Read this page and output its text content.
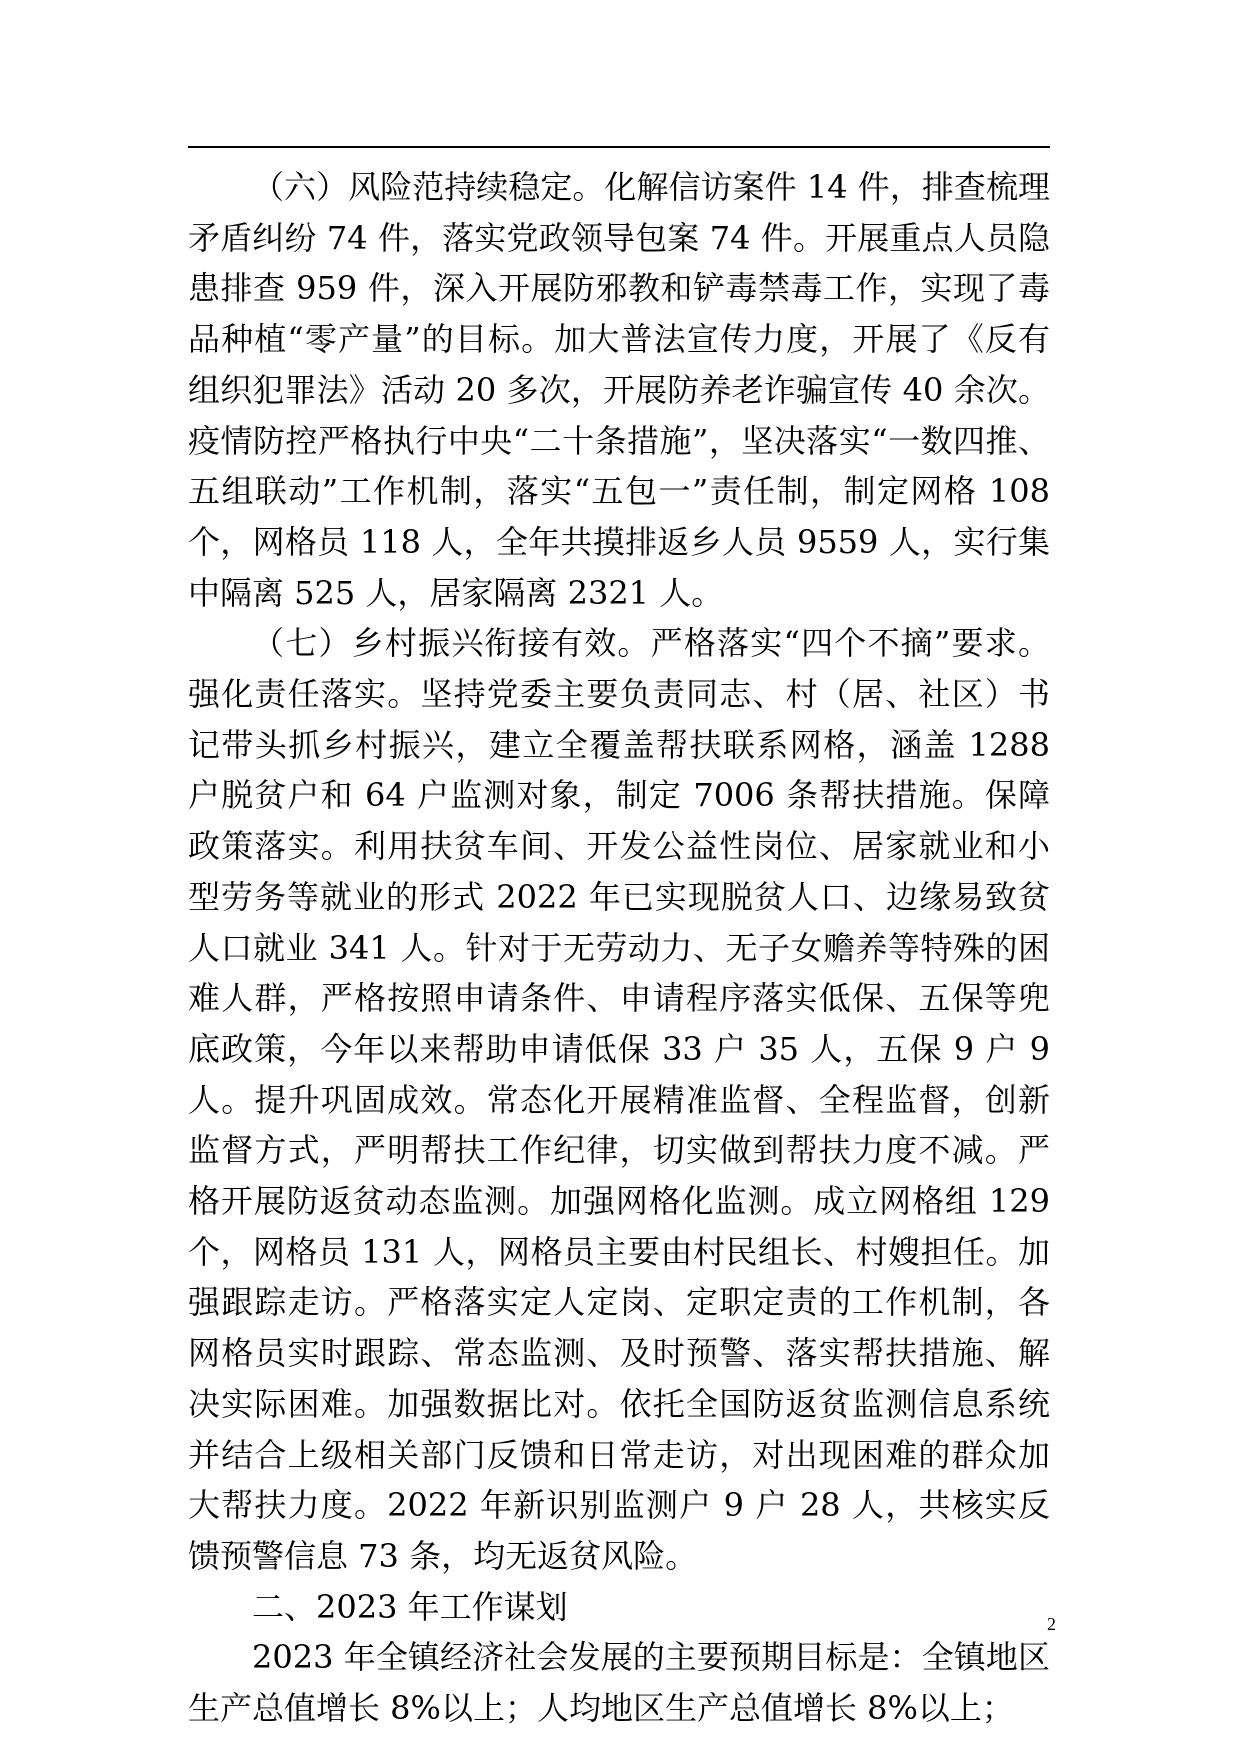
（六）风险范持续稳定。化解信访案件 14 件，排查梳理矛盾纠纷 74 件，落实党政领导包案 74 件。开展重点人员隐患排查 959 件，深入开展防邪教和铲毒禁毒工作，实现了毒品种植“零产量”的目标。加大普法宣传力度，开展了《反有组织犯罪法》活动 20 多次，开展防养老诈骗宣传 40 余次。疫情防控严格执行中央“二十条措施”，坚决落实“一数四推、五组联动”工作机制，落实“五包一”责任制，制定网格 108 个，网格员 118 人，全年共摸排返乡人员 9559 人，实行集中隔离 525 人，居家隔离 2321 人。

（七）乡村振兴衔接有效。严格落实“四个不摘”要求。强化责任落实。坚持党委主要负责同志、村（居、社区）书记带头抓乡村振兴，建立全覆盖帮扶联系网格，涵盖 1288 户脱贫户和 64 户监测对象，制定 7006 条帮扶措施。保障政策落实。利用扶贫车间、开发公益性岗位、居家就业和小型劳务等就业的形式 2022 年已实现脱贫人口、边缘易致贫人口就业 341 人。针对于无劳动力、无子女赡养等特殊的困难人群，严格按照申请条件、申请程序落实低保、五保等兜底政策，今年以来帮助申请低保 33 户 35 人，五保 9 户 9 人。提升巩固成效。常态化开展精准监督、全程监督，创新监督方式，严明帮扶工作纪律，切实做到帮扶力度不减。严格开展防返贫动态监测。加强网格化监测。成立网格组 129 个，网格员 131 人，网格员主要由村民组长、村嫂担任。加强跟踪走访。严格落实定人定岗、定职定责的工作机制，各网格员实时跟踪、常态监测、及时预警、落实帮扶措施、解决实际困难。加强数据比对。依托全国防返贫监测信息系统并结合上级相关部门反馈和日常走访，对出现困难的群众加大帮扶力度。2022 年新识别监测户 9 户 28 人，共核实反馈预警信息 73 条，均无返贫风险。

二、2023 年工作谋划

2023 年全镇经济社会发展的主要预期目标是：全镇地区生产总值增长 8%以上；人均地区生产总值增长 8%以上；

2
